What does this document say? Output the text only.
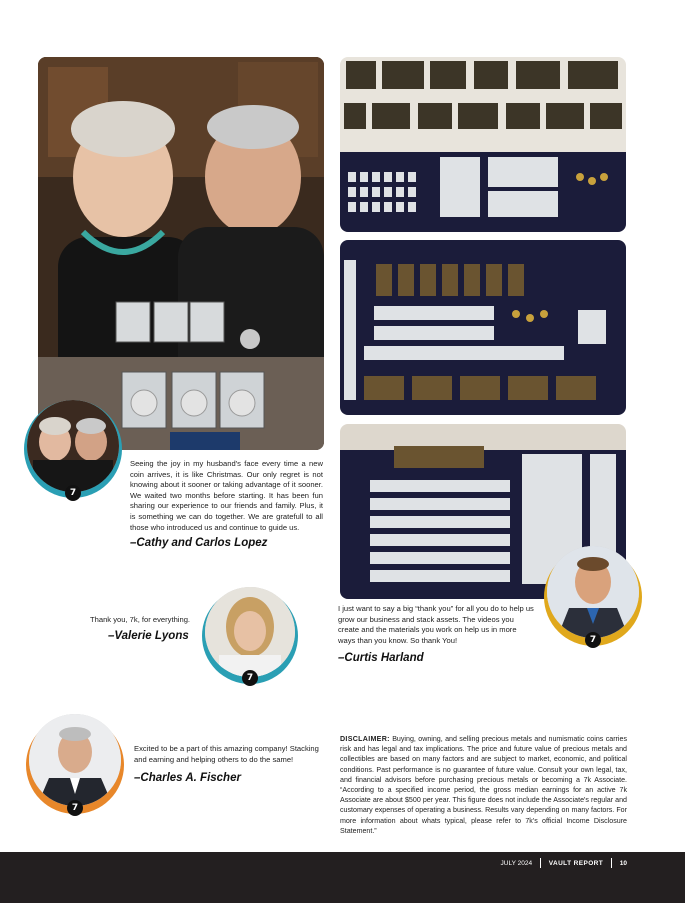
7
Seeing the joy in my husband's face every time a new coin arrives, it is like Christmas. Our only regret is not knowing about it sooner or taking advantage of it sooner. We waited two months before starting. It has been fun sharing our experience to our friends and family. Plus, it is something we can do together. We are gratefull to all those who introduced us and continue to guide us.
–Cathy and Carlos Lopez
Thank you, 7k, for everything.
–Valerie Lyons
7
I just want to say a big “thank you” for all you do to help us grow our business and stack assets. The videos you create and the materials you work on help us in more ways than you know. So thank You!
–Curtis Harland
7
7
Excited to be a part of this amazing company! Stacking and earning and helping others to do the same!
–Charles A. Fischer
DISCLAIMER: Buying, owning, and selling precious metals and numismatic coins carries risk and has legal and tax implications. The price and future value of precious metals and collectibles are based on many factors and are subject to market, economic, and political conditions. Past performance is no guarantee of future value. Consult your own legal, tax, and financial advisors before purchasing precious metals or becoming a 7k Associate. “According to a specified income period, the gross median earnings for an active 7k Associate are about $500 per year. This figure does not include the Associate's regular and customary expenses of operating a business. Results vary depending on many factors. For more information about whats typical, please refer to 7k's official Income Disclosure Statement.”
JULY 2024	VAULT REPORT	10
